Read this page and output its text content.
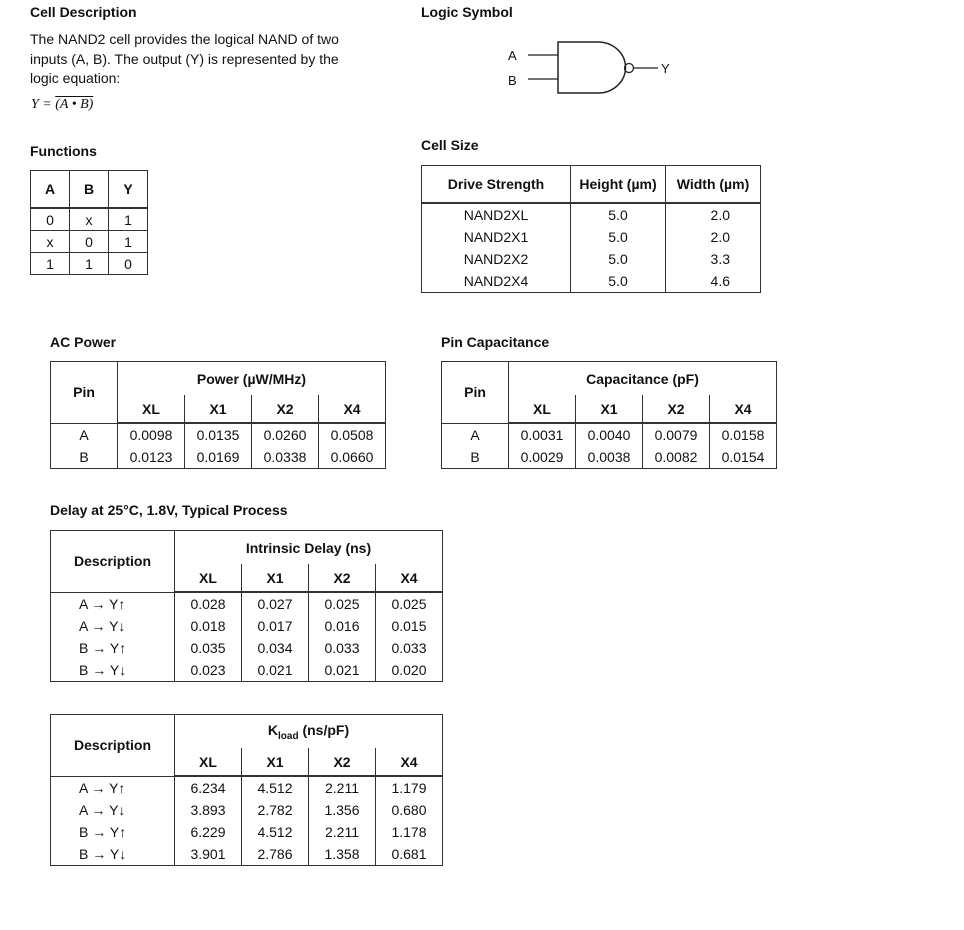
Cell Description
The NAND2 cell provides the logical NAND of two
inputs (A, B). The output (Y) is represented by the
logic equation:
Y = (A • B)
Logic Symbol
A
B
Y
Functions
A	B	Y
0	x	1
x	0	1
1	1	0
Cell Size
Drive Strength	Height (µm)	Width (µm)
NAND2XL	5.0	2.0
NAND2X1	5.0	2.0
NAND2X2	5.0	3.3
NAND2X4	5.0	4.6
AC Power
Pin	Power (µW/MHz)			
	XL	X1	X2	X4
A	0.0098	0.0135	0.0260	0.0508
B	0.0123	0.0169	0.0338	0.0660
Pin Capacitance
Pin	Capacitance (pF)			
	XL	X1	X2	X4
A	0.0031	0.0040	0.0079	0.0158
B	0.0029	0.0038	0.0082	0.0154
Delay at 25°C, 1.8V, Typical Process
Description	Intrinsic Delay (ns)			
	XL	X1	X2	X4
A → Y↑	0.028	0.027	0.025	0.025
A → Y↓	0.018	0.017	0.016	0.015
B → Y↑	0.035	0.034	0.033	0.033
B → Y↓	0.023	0.021	0.021	0.020
Description	$K_{load}$ (ns/pF)			
	XL	X1	X2	X4
A → Y↑	6.234	4.512	2.211	1.179
A → Y↓	3.893	2.782	1.356	0.680
B → Y↑	6.229	4.512	2.211	1.178
B → Y↓	3.901	2.786	1.358	0.681
